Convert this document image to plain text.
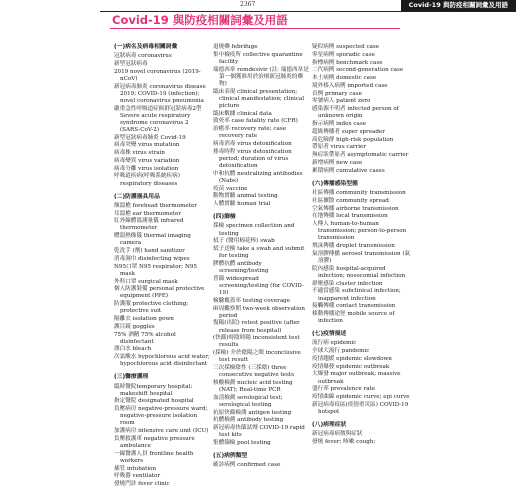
2367	Covid-19 與防疫相關詞彙及用語
Covid-19 與防疫相關詞彙及用語
(一)病名及病毒相關詞彙
冠狀病毒 coronavirus
新型冠狀病毒
2019 novel coronavirus (2019-nCoV)
新冠病毒肺炎 coronavirus disease 2019; COVID-19 (infection); novel coronavirus pneumonia
嚴重急性呼吸道症候群冠狀病毒2型 Severe acute respiratory syndrome coronavirus 2 (SARS-CoV-2)
新型冠狀病毒肺炎 Covid-19
病毒突變 virus mutation
病毒株 virus strain
病毒變異 virus variation
病毒分離 virus isolation
呼吸道疾病(呼吸系統疾病) respiratory diseases
(二)防護器具用品
額溫槍 forehead thermometer
耳溫槍 ear thermometer
紅外線體溫測量儀 infrared thermometer
體溫熱像儀 thermal imaging camera
乾洗手 (劑) hand sanitizer
消毒濕巾 disinfecting wipes
N95口罩 N95 respirator; N95 mask
外科口罩 surgical mask
個人防護裝備 personal protective equipment (PPE)
防護服 protective clothing; protective suit
隔離衣 isolation gown
護目鏡 goggles
75% 酒精 75% alcohol disinfectant
漂白水 bleach
次氯酸水 hypochlorous acid water; hypochlorous acid disinfectant
(三)醫療護理
臨時醫院temporary hospital; makeshift hospital
指定醫院 designated hospital
負壓病房 negative-pressure ward; negative-pressure isolation room
加護病房 intensive care unit (ICU)
負壓救護車 negative pressure ambulance
一線醫護人員 frontline health workers
插管 intubation
呼吸器 ventilator
發燒門診 fever clinic
退燒藥 febrifuge
集中檢疫所 collective quarantine facility
瑞德西韋 remdesivir (註: 瑞德西韋是第一個獲准用於治療新冠肺炎的藥物)
臨床表現 clinical presentation; clinical manifestation; clinical picture
臨床數據 clinical data
致死率 case fatality rate (CFR)
治癒率 recovery rate; case recovery rate
病毒消毒 virus detoxification
排毒時程 virus detoxification period; duration of virus detoxification
中和抗體 neutralizing antibodies (Nabs)
疫苗 vaccine
動物實驗 animal testing
人體實驗 human trial
(四)篩檢
採檢 specimen collection and testing
拭子 (醫用棉花棒) swab
拭子送檢 take a swab and submit for testing
膠體抗體 antibody screening/testing
普篩 widespread screening/testing (for COVID-19)
檢驗覆蓋率 testing coverage
兩周觀察期 two-week observation period
復陽(出院) retest positive (after release from hospital)
(快篩)時陰時陽 inconsistent test results
(採檢) 介於陰陽之間 inconclusive test result
三次採檢陰性 (三採陰) three consecutive negative tests
核酸檢測 nucleic acid testing (NAT); Real-time PCR
血清檢測 serological test; serological testing
抗原快篩檢測 antigen testing
抗體檢測 antibody testing
新冠病毒快篩試劑 COVID-19 rapid test kits
集體篩檢 pool testing
(五)病例類型
確診病例 confirmed case
疑似病例 suspected case
零星病例 sporadic case
指標病例 benchmark case
二代病例 second-generation case
本土病例 domestic case
境外移入病例 imported case
首例 primary case
零號病人 patient zero
感染源不明者 infected person of unknown origin
指示病例 index case
超級傳播者 super spreader
高危險群 high-risk population
帶原者 virus carrier
無症狀帶原者 asymptomatic carrier
新增病例 new case
累積病例 cumulative cases
(六)傳播感染型態
社區傳播 community transmission
社區擴散 community spread
空氣傳播 airborne transmission
在地傳播 local transmission
人傳人 human-to-human transmission; person-to-person transmission
飛沫傳播 droplet transmission
氣溶膠傳播 aerosol transmission (氣溶膠)
院內感染 hospital-acquired infection; nosocomial infection
群聚感染 cluster infection
不適當感染 subclinical infection; inapparent infection
接觸傳播 contact transmission
移動傳播途徑 mobile source of infection
(七)疫情描述
流行病 epidemic
全球大流行 pandemic
疫情趨緩 epidemic slowdown
疫情爆發 epidemic outbreak
大爆發 major outbreak; massive outbreak
盛行率 prevalence rate
疫情曲線 epidemic curve; epi curve
新冠病毒疫區(疫情重災區) COVID-19 hotspot
(八)病理症狀
新冠病毒病徵與症狀
發燒 fever; 咳嗽 cough;
